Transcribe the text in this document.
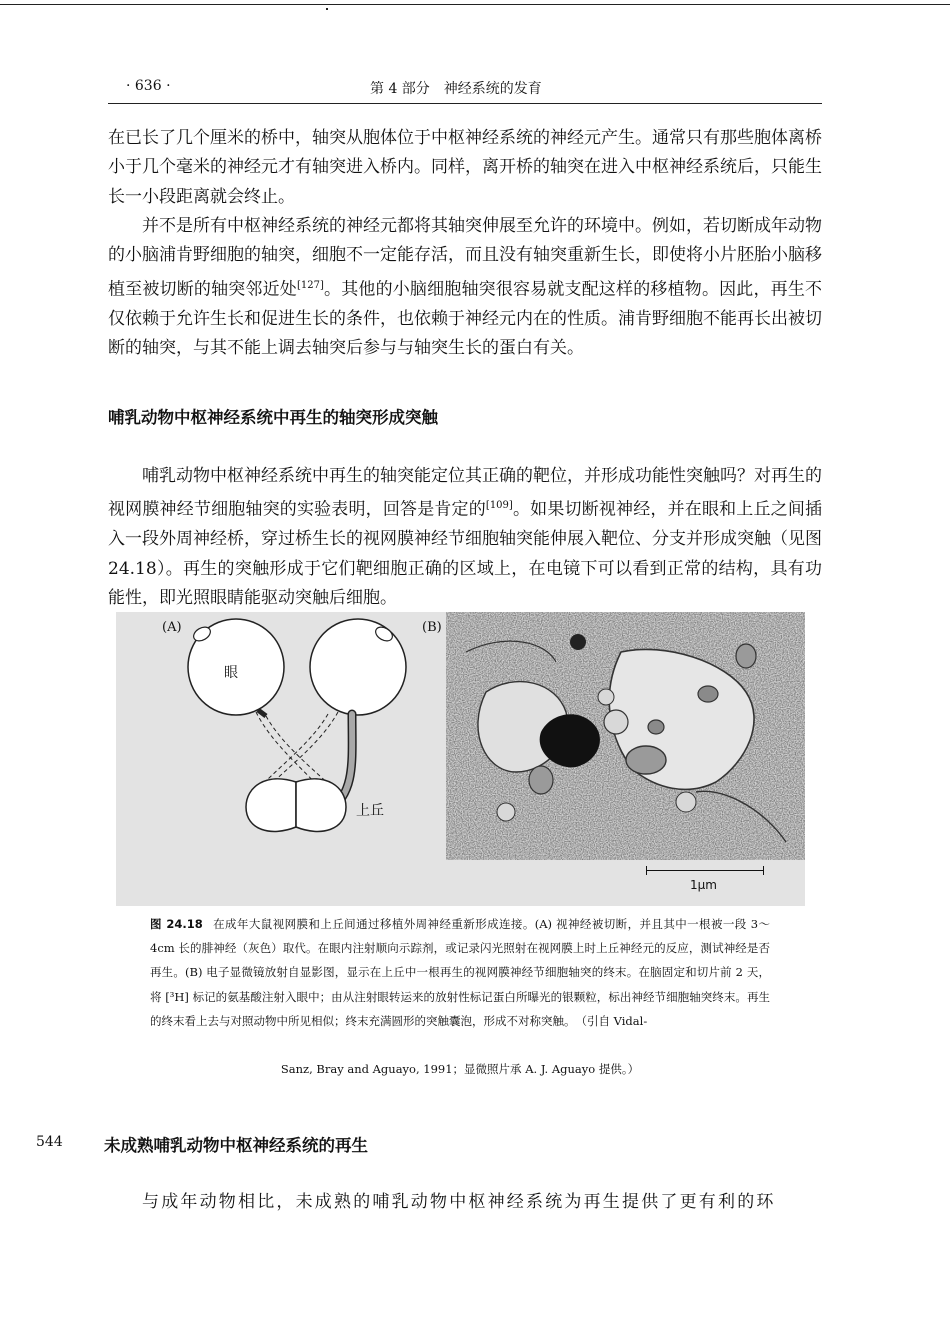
· 636 ·	第 4 部分　神经系统的发育

在已长了几个厘米的桥中，轴突从胞体位于中枢神经系统的神经元产生。通常只有那些胞体离桥小于几个毫米的神经元才有轴突进入桥内。同样，离开桥的轴突在进入中枢神经系统后，只能生长一小段距离就会终止。

并不是所有中枢神经系统的神经元都将其轴突伸展至允许的环境中。例如，若切断成年动物的小脑浦肯野细胞的轴突，细胞不一定能存活，而且没有轴突重新生长，即使将小片胚胎小脑移植至被切断的轴突邻近处[127]。其他的小脑细胞轴突很容易就支配这样的移植物。因此，再生不仅依赖于允许生长和促进生长的条件，也依赖于神经元内在的性质。浦肯野细胞不能再长出被切断的轴突，与其不能上调去轴突后参与与轴突生长的蛋白有关。

哺乳动物中枢神经系统中再生的轴突形成突触

哺乳动物中枢神经系统中再生的轴突能定位其正确的靶位，并形成功能性突触吗？对再生的视网膜神经节细胞轴突的实验表明，回答是肯定的[109]。如果切断视神经，并在眼和上丘之间插入一段外周神经桥，穿过桥生长的视网膜神经节细胞轴突能伸展入靶位、分支并形成突触（见图 24.18）。再生的突触形成于它们靶细胞正确的区域上，在电镜下可以看到正常的结构，具有功能性，即光照眼睛能驱动突触后细胞。

(A)
眼
上丘
(B)
1μm

图 24.18 在成年大鼠视网膜和上丘间通过移植外周神经重新形成连接。(A) 视神经被切断，并且其中一根被一段 3～4cm 长的腓神经（灰色）取代。在眼内注射顺向示踪剂，或记录闪光照射在视网膜上时上丘神经元的反应，测试神经是否再生。(B) 电子显微镜放射自显影图，显示在上丘中一根再生的视网膜神经节细胞轴突的终末。在脑固定和切片前 2 天，将 [³H] 标记的氨基酸注射入眼中；由从注射眼转运来的放射性标记蛋白所曝光的银颗粒，标出神经节细胞轴突终末。再生的终末看上去与对照动物中所见相似；终末充满圆形的突触囊泡，形成不对称突触。　（引自 Vidal-

Sanz, Bray and Aguayo, 1991；显微照片承 A. J. Aguayo 提供。）

544	未成熟哺乳动物中枢神经系统的再生

与成年动物相比，未成熟的哺乳动物中枢神经系统为再生提供了更有利的环
